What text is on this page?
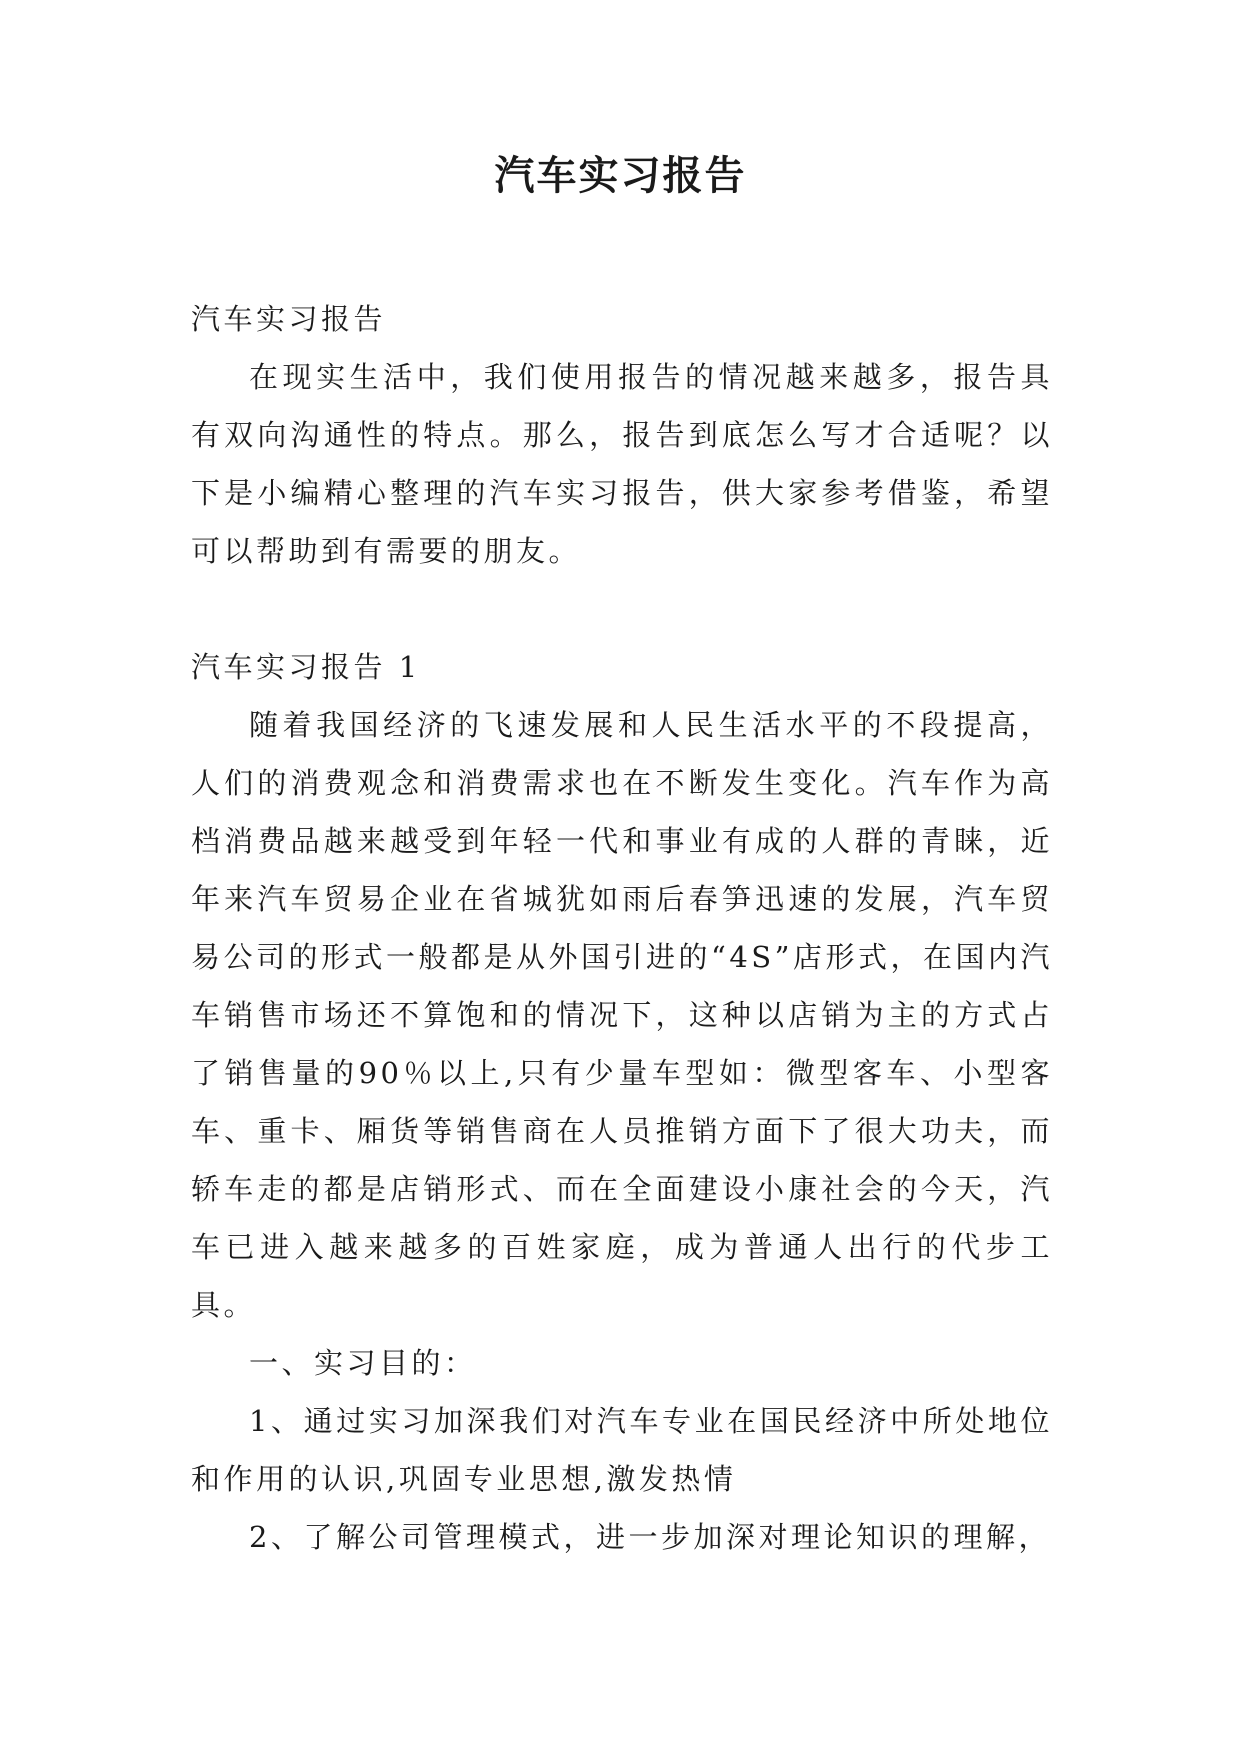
汽车实习报告

汽车实习报告

在现实生活中，我们使用报告的情况越来越多，报告具有双向沟通性的特点。那么，报告到底怎么写才合适呢？以下是小编精心整理的汽车实习报告，供大家参考借鉴，希望可以帮助到有需要的朋友。

汽车实习报告 1

随着我国经济的飞速发展和人民生活水平的不段提高，人们的消费观念和消费需求也在不断发生变化。汽车作为高档消费品越来越受到年轻一代和事业有成的人群的青睐，近年来汽车贸易企业在省城犹如雨后春笋迅速的发展，汽车贸易公司的形式一般都是从外国引进的“4S”店形式，在国内汽车销售市场还不算饱和的情况下，这种以店销为主的方式占了销售量的90％以上,只有少量车型如：微型客车、小型客车、重卡、厢货等销售商在人员推销方面下了很大功夫，而轿车走的都是店销形式、而在全面建设小康社会的今天，汽车已进入越来越多的百姓家庭，成为普通人出行的代步工具。

一、实习目的：

1、通过实习加深我们对汽车专业在国民经济中所处地位和作用的认识,巩固专业思想,激发热情

2、了解公司管理模式，进一步加深对理论知识的理解，
